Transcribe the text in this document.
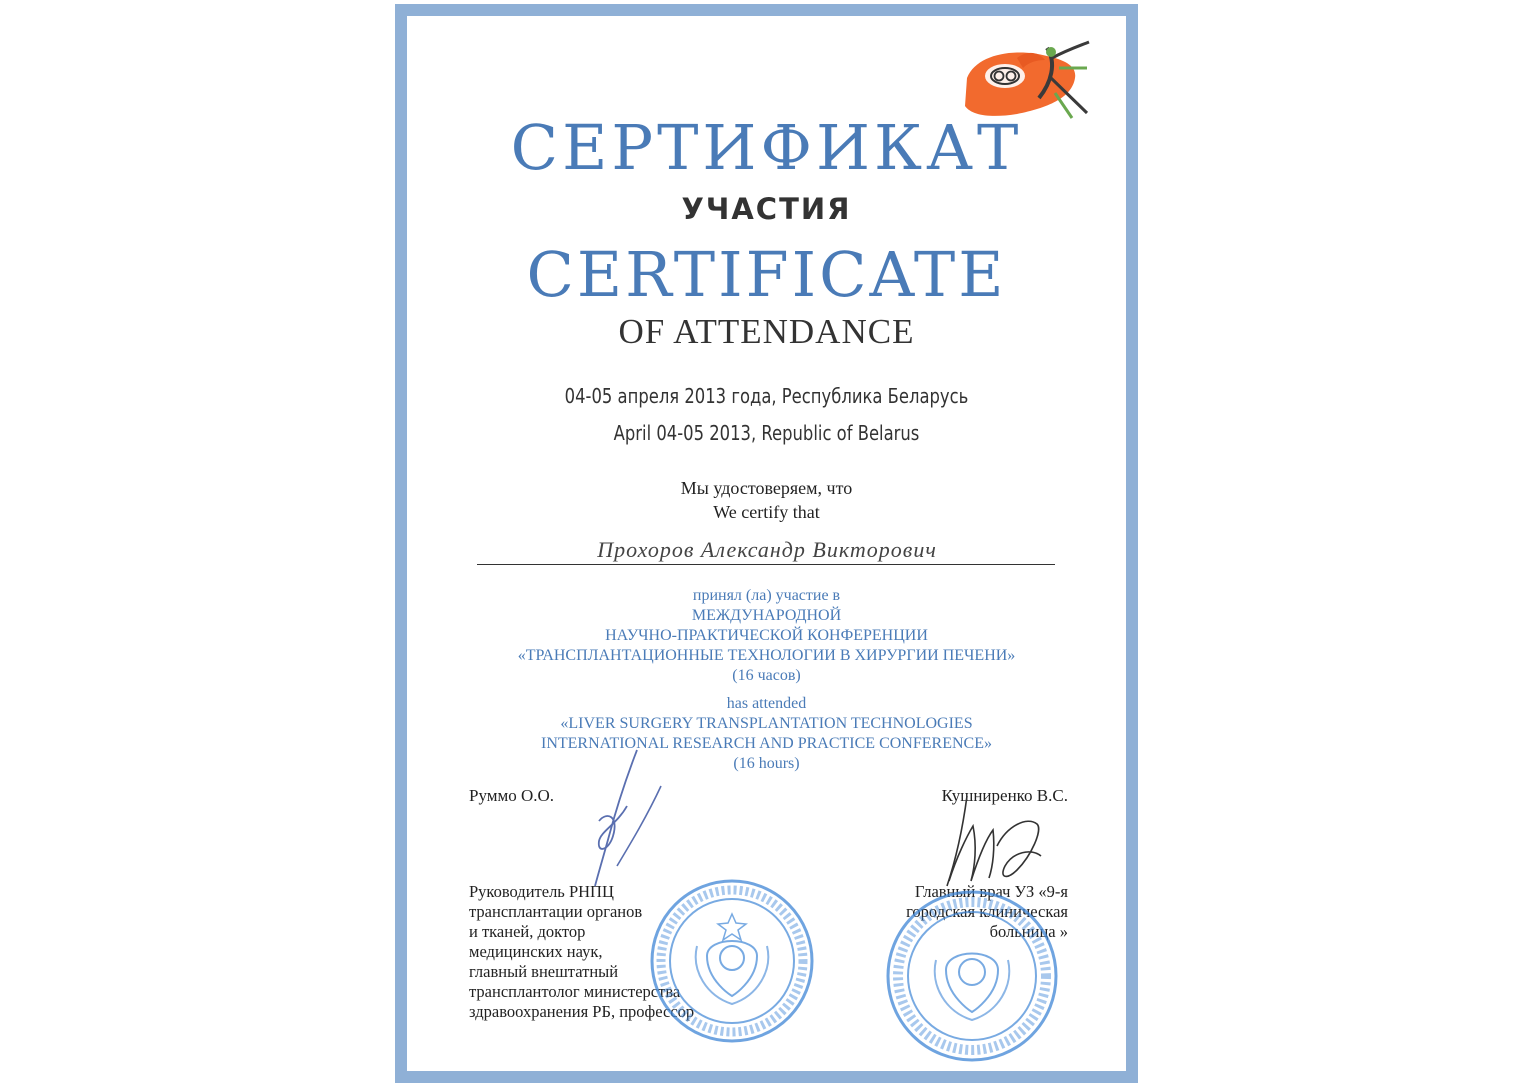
СЕРТИФИКАТ
УЧАСТИЯ
CERTIFICATE
OF ATTENDANCE
04-05 апреля 2013 года, Республика Беларусь
April 04-05 2013, Republic of Belarus
Мы удостоверяем, что
We certify that
Прохоров Александр Викторович
принял (ла) участие в
МЕЖДУНАРОДНОЙ
НАУЧНО-ПРАКТИЧЕСКОЙ КОНФЕРЕНЦИИ
«ТРАНСПЛАНТАЦИОННЫЕ ТЕХНОЛОГИИ В ХИРУРГИИ ПЕЧЕНИ»
(16 часов)
has attended
«LIVER SURGERY TRANSPLANTATION TECHNOLOGIES
INTERNATIONAL RESEARCH AND PRACTICE CONFERENCE»
(16 hours)
Руммо О.О.
Руководитель РНПЦ
трансплантации органов
и тканей, доктор
медицинских наук,
главный внештатный
трансплантолог министерства
здравоохранения РБ, профессор
Кушниренко В.С.
Главный врач УЗ «9-я
городская клиническая
больница »
